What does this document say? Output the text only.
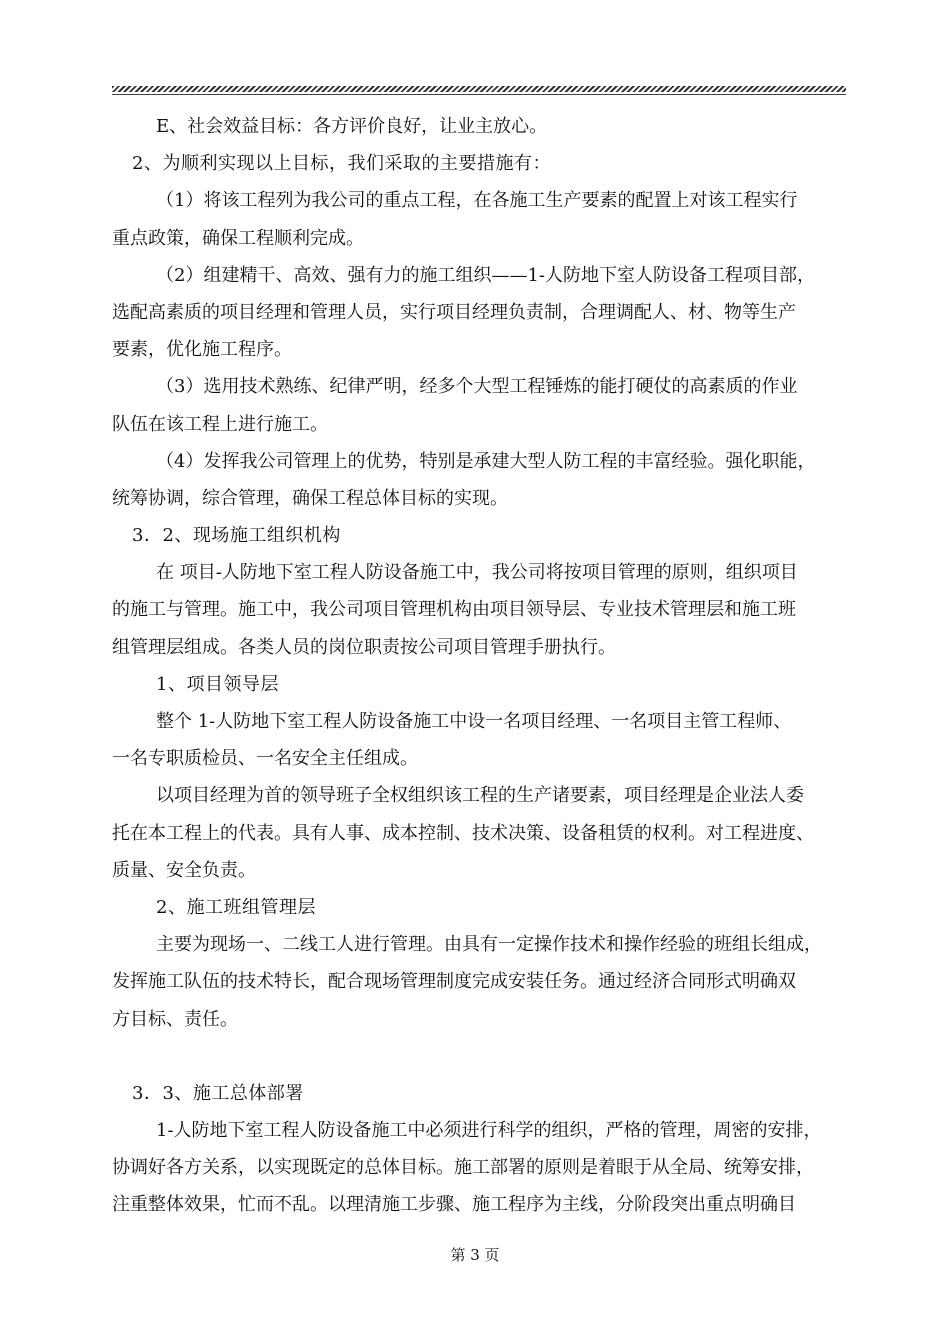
E、社会效益目标：各方评价良好，让业主放心。
2、为顺利实现以上目标，我们采取的主要措施有：
（1）将该工程列为我公司的重点工程，在各施工生产要素的配置上对该工程实行
重点政策，确保工程顺利完成。
（2）组建精干、高效、强有力的施工组织——1-人防地下室人防设备工程项目部，
选配高素质的项目经理和管理人员，实行项目经理负责制，合理调配人、材、物等生产
要素，优化施工程序。
（3）选用技术熟练、纪律严明，经多个大型工程锤炼的能打硬仗的高素质的作业
队伍在该工程上进行施工。
（4）发挥我公司管理上的优势，特别是承建大型人防工程的丰富经验。强化职能，
统筹协调，综合管理，确保工程总体目标的实现。
3．2、现场施工组织机构
在 项目-人防地下室工程人防设备施工中，我公司将按项目管理的原则，组织项目
的施工与管理。施工中，我公司项目管理机构由项目领导层、专业技术管理层和施工班
组管理层组成。各类人员的岗位职责按公司项目管理手册执行。
1、项目领导层
整个 1-人防地下室工程人防设备施工中设一名项目经理、一名项目主管工程师、
一名专职质检员、一名安全主任组成。
以项目经理为首的领导班子全权组织该工程的生产诸要素，项目经理是企业法人委
托在本工程上的代表。具有人事、成本控制、技术决策、设备租赁的权利。对工程进度、
质量、安全负责。
2、施工班组管理层
主要为现场一、二线工人进行管理。由具有一定操作技术和操作经验的班组长组成，
发挥施工队伍的技术特长，配合现场管理制度完成安装任务。通过经济合同形式明确双
方目标、责任。
3．3、施工总体部署
1-人防地下室工程人防设备施工中必须进行科学的组织，严格的管理，周密的安排，
协调好各方关系，以实现既定的总体目标。施工部署的原则是着眼于从全局、统筹安排，
注重整体效果，忙而不乱。以理清施工步骤、施工程序为主线，分阶段突出重点明确目
第 3 页
